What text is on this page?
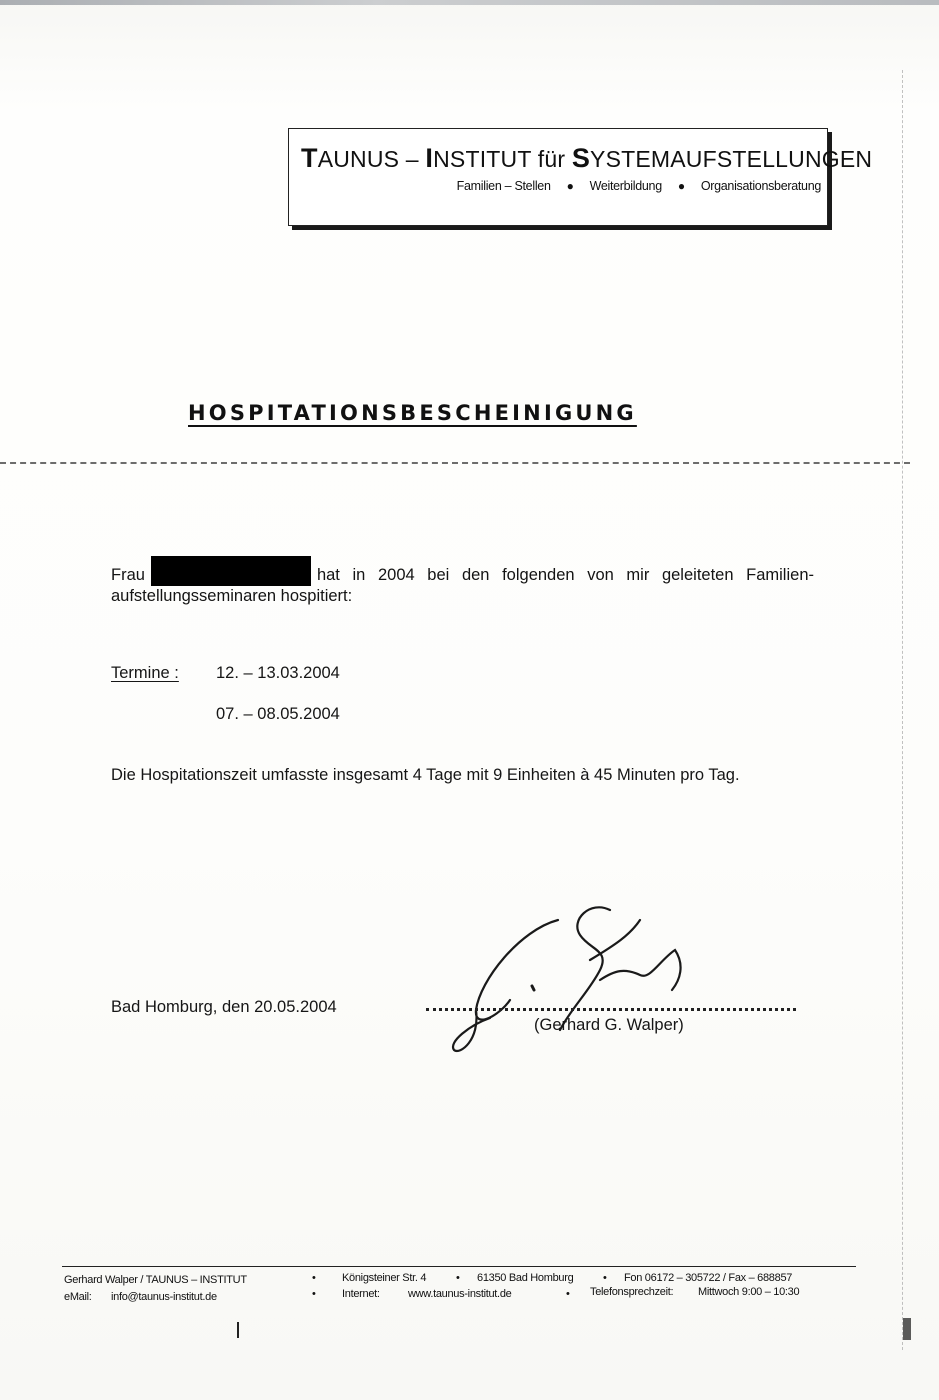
TAUNUS – INSTITUT für SYSTEMAUFSTELLUNGEN
Familien – Stellen ● Weiterbildung ● Organisationsberatung
HOSPITATIONSBESCHEINIGUNG
Frau	hat in 2004 bei den folgenden von mir geleiteten Familien-aufstellungsseminaren hospitiert:
Termine : 12. – 13.03.2004
07. – 08.05.2004
Die Hospitationszeit umfasste insgesamt 4 Tage mit 9 Einheiten à 45 Minuten pro Tag.
Bad Homburg, den 20.05.2004
(Gerhard G. Walper)
Gerhard Walper / TAUNUS – INSTITUT	• Königsteiner Str. 4	• 61350 Bad Homburg	• Fon 06172 – 305722 / Fax – 688857
eMail: info@taunus-institut.de	• Internet:	www.taunus-institut.de	• Telefonsprechzeit: Mittwoch 9:00 – 10:30
